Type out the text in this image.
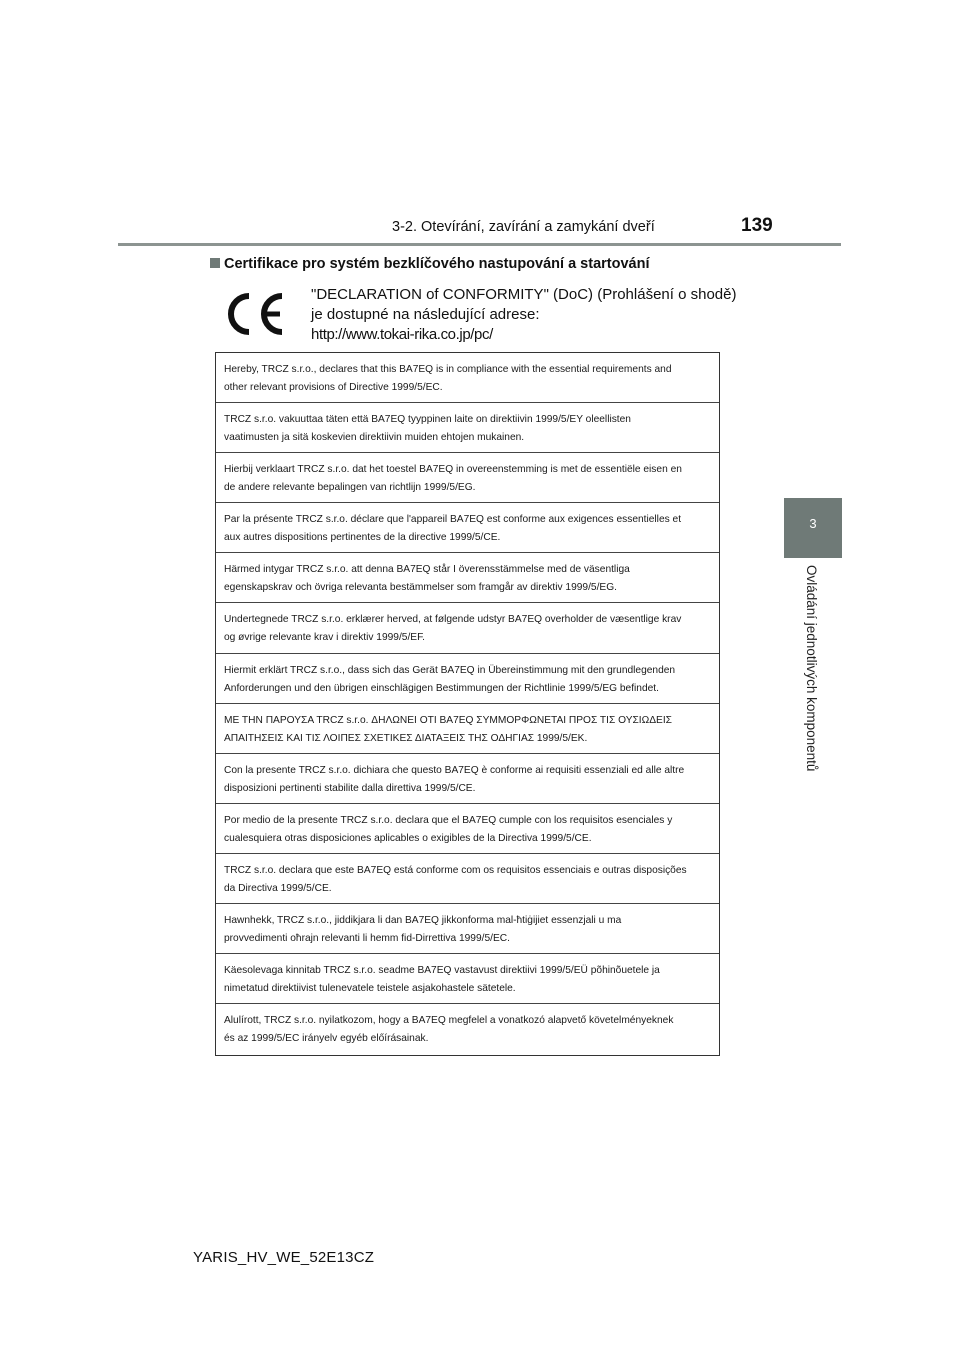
3-2. Otevírání, zavírání a zamykání dveří	139
3
Ovládání jednotlivých komponentů
Certifikace pro systém bezklíčového nastupování a startování
"DECLARATION of CONFORMITY" (DoC) (Prohlášení o shodě)
je dostupné na následující adrese:
http://www.tokai-rika.co.jp/pc/
Hereby, TRCZ s.r.o., declares that this BA7EQ is in compliance with the essential requirements and
other relevant provisions of Directive 1999/5/EC.
TRCZ s.r.o. vakuuttaa täten että BA7EQ tyyppinen laite on direktiivin 1999/5/EY oleellisten
vaatimusten ja sitä koskevien direktiivin muiden ehtojen mukainen.
Hierbij verklaart TRCZ s.r.o. dat het toestel BA7EQ in overeenstemming is met de essentiële eisen en
de andere relevante bepalingen van richtlijn 1999/5/EG.
Par la présente TRCZ s.r.o. déclare que l'appareil BA7EQ est conforme aux exigences essentielles et
aux autres dispositions pertinentes de la directive 1999/5/CE.
Härmed intygar TRCZ s.r.o. att denna BA7EQ står I överensstämmelse med de väsentliga
egenskapskrav och övriga relevanta bestämmelser som framgår av direktiv 1999/5/EG.
Undertegnede TRCZ s.r.o. erklærer herved, at følgende udstyr BA7EQ overholder de væsentlige krav
og øvrige relevante krav i direktiv 1999/5/EF.
Hiermit erklärt TRCZ s.r.o., dass sich das Gerät BA7EQ in Übereinstimmung mit den grundlegenden
Anforderungen und den übrigen einschlägigen Bestimmungen der Richtlinie 1999/5/EG befindet.
ΜΕ ΤΗΝ ΠΑΡΟΥΣΑ TRCZ s.r.o. ΔΗΛΩΝΕΙ ΟΤΙ BA7EQ ΣΥΜΜΟΡΦΩΝΕΤΑΙ ΠΡΟΣ ΤΙΣ ΟΥΣΙΩΔΕΙΣ
ΑΠΑΙΤΗΣΕΙΣ ΚΑΙ ΤΙΣ ΛΟΙΠΕΣ ΣΧΕΤΙΚΕΣ ΔΙΑΤΑΞΕΙΣ ΤΗΣ ΟΔΗΓΙΑΣ 1999/5/ΕΚ.
Con la presente TRCZ s.r.o. dichiara che questo BA7EQ è conforme ai requisiti essenziali ed alle altre
disposizioni pertinenti stabilite dalla direttiva 1999/5/CE.
Por medio de la presente TRCZ s.r.o. declara que el BA7EQ cumple con los requisitos esenciales y
cualesquiera otras disposiciones aplicables o exigibles de la Directiva 1999/5/CE.
TRCZ s.r.o. declara que este BA7EQ está conforme com os requisitos essenciais e outras disposições
da Directiva 1999/5/CE.
Hawnhekk, TRCZ s.r.o., jiddikjara li dan BA7EQ jikkonforma mal-ħtiġijiet essenzjali u ma
provvedimenti oħrajn relevanti li hemm fid-Dirrettiva 1999/5/EC.
Käesolevaga kinnitab TRCZ s.r.o. seadme BA7EQ vastavust direktiivi 1999/5/EÜ põhinõuetele ja
nimetatud direktiivist tulenevatele teistele asjakohastele sätetele.
Alulírott, TRCZ s.r.o. nyilatkozom, hogy a BA7EQ megfelel a vonatkozó alapvető követelményeknek
és az 1999/5/EC irányelv egyéb előírásainak.
YARIS_HV_WE_52E13CZ
